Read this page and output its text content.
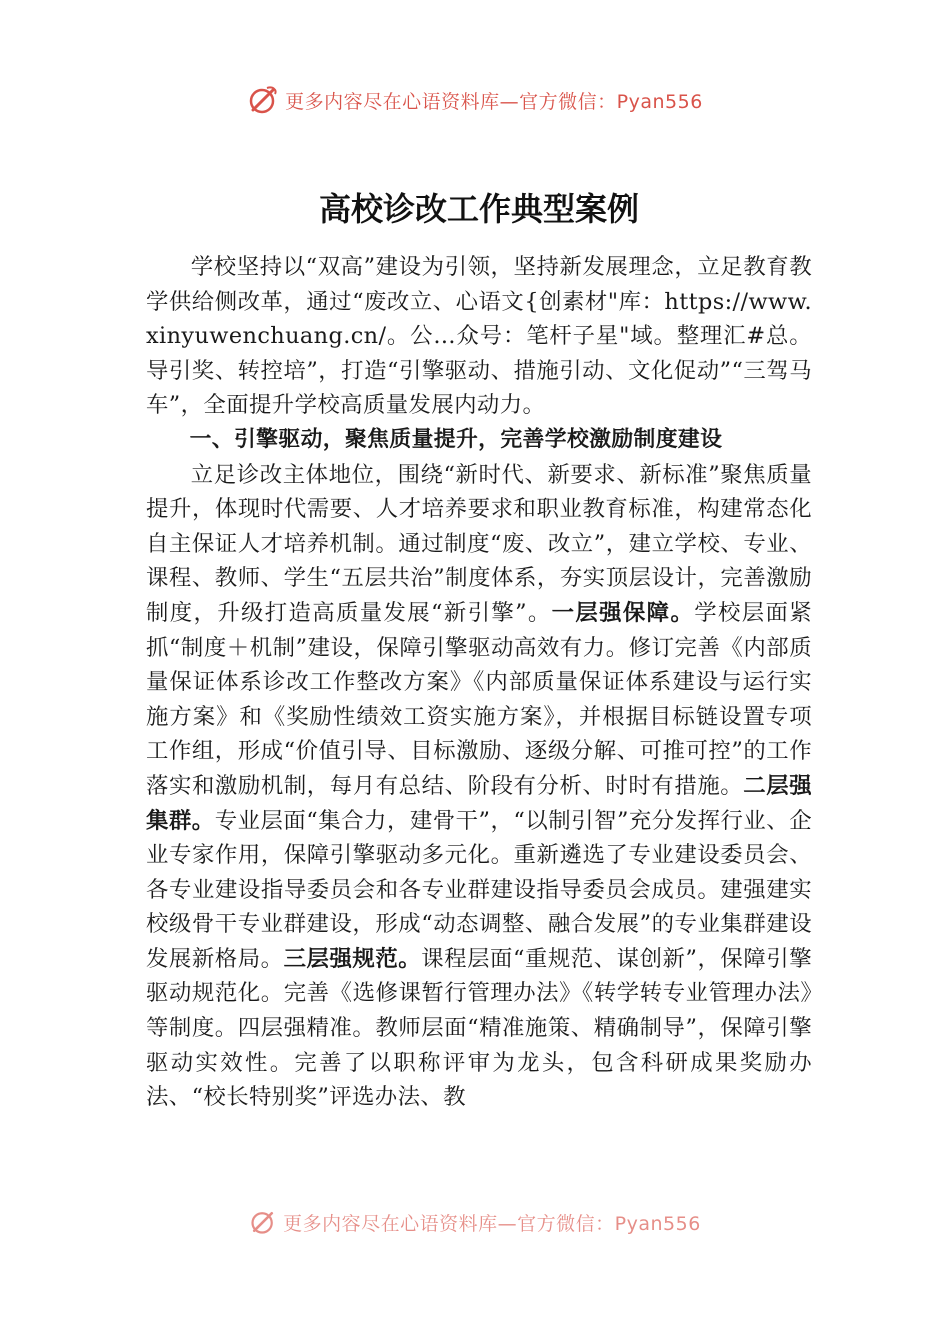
更多内容尽在心语资料库—官方微信：Pyan556
高校诊改工作典型案例

学校坚持以“双高”建设为引领，坚持新发展理念，立足教育教学供给侧改革，通过“废改立、心语文{创素材"库：https://www.xinyuwenchuang.cn/。公…众号：笔杆子星"域。整理汇#总。导引奖、转控培”，打造“引擎驱动、措施引动、文化促动”“三驾马车”，全面提升学校高质量发展内动力。

一、引擎驱动，聚焦质量提升，完善学校激励制度建设

立足诊改主体地位，围绕“新时代、新要求、新标准”聚焦质量提升，体现时代需要、人才培养要求和职业教育标准，构建常态化自主保证人才培养机制。通过制度“废、改立”，建立学校、专业、课程、教师、学生“五层共治”制度体系，夯实顶层设计，完善激励制度，升级打造高质量发展“新引擎”。一层强保障。学校层面紧抓“制度＋机制”建设，保障引擎驱动高效有力。修订完善《内部质量保证体系诊改工作整改方案》《内部质量保证体系建设与运行实施方案》和《奖励性绩效工资实施方案》，并根据目标链设置专项工作组，形成“价值引导、目标激励、逐级分解、可推可控”的工作落实和激励机制，每月有总结、阶段有分析、时时有措施。二层强集群。专业层面“集合力，建骨干”，“以制引智”充分发挥行业、企业专家作用，保障引擎驱动多元化。重新遴选了专业建设委员会、各专业建设指导委员会和各专业群建设指导委员会成员。建强建实校级骨干专业群建设，形成“动态调整、融合发展”的专业集群建设发展新格局。三层强规范。课程层面“重规范、谋创新”，保障引擎驱动规范化。完善《选修课暂行管理办法》《转学转专业管理办法》等制度。四层强精准。教师层面“精准施策、精确制导”，保障引擎驱动实效性。完善了以职称评审为龙头，包含科研成果奖励办法、“校长特别奖”评选办法、教

更多内容尽在心语资料库—官方微信：Pyan556
